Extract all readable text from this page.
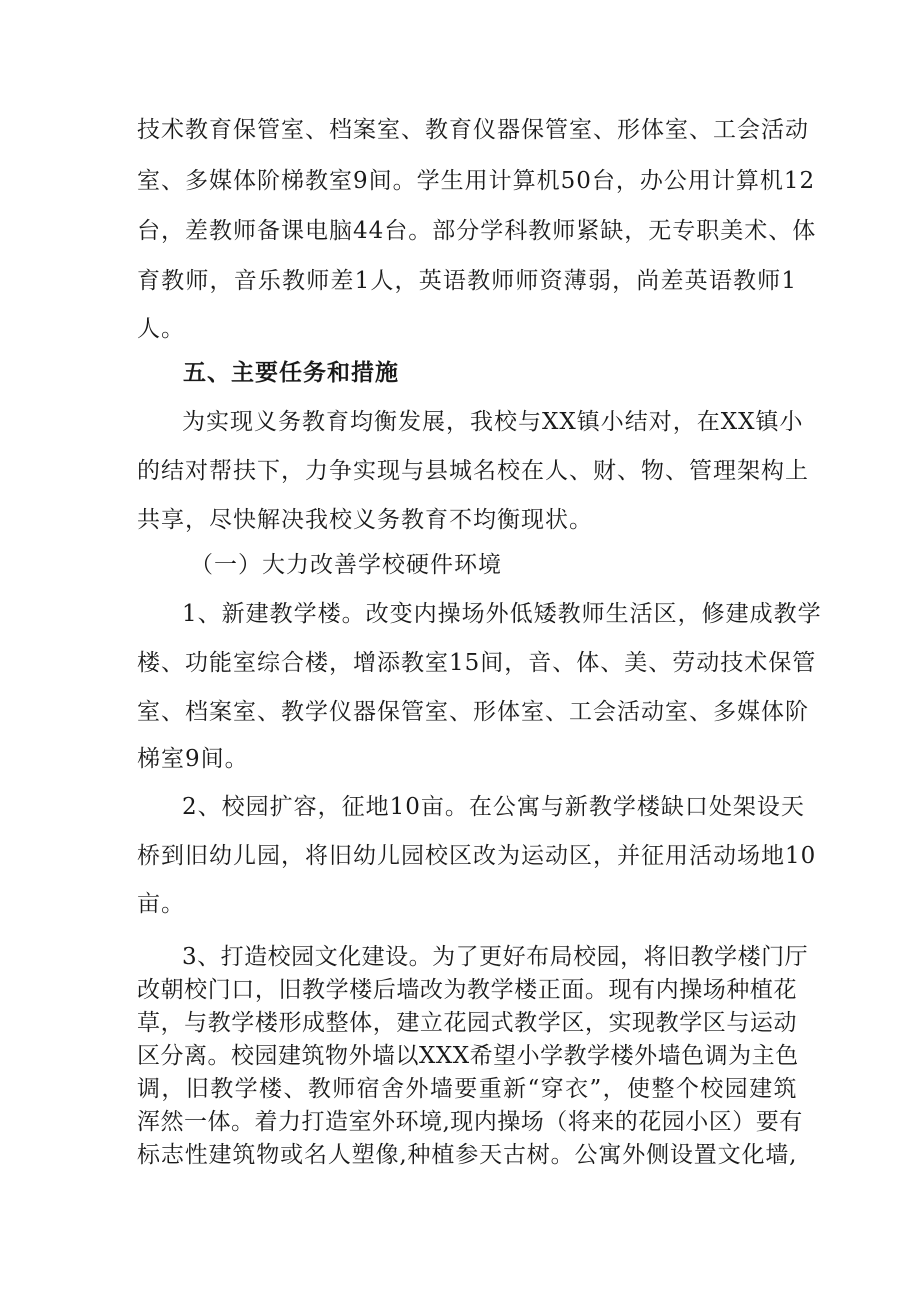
技术教育保管室、档案室、教育仪器保管室、形体室、工会活动
室、多媒体阶梯教室9间。学生用计算机50台，办公用计算机12
台，差教师备课电脑44台。部分学科教师紧缺，无专职美术、体
育教师，音乐教师差1人，英语教师师资薄弱，尚差英语教师1
人。
五、主要任务和措施
为实现义务教育均衡发展，我校与XX镇小结对，在XX镇小
的结对帮扶下，力争实现与县城名校在人、财、物、管理架构上
共享，尽快解决我校义务教育不均衡现状。
（一）大力改善学校硬件环境
1、新建教学楼。改变内操场外低矮教师生活区，修建成教学
楼、功能室综合楼，增添教室15间，音、体、美、劳动技术保管
室、档案室、教学仪器保管室、形体室、工会活动室、多媒体阶
梯室9间。
2、校园扩容，征地10亩。在公寓与新教学楼缺口处架设天
桥到旧幼儿园，将旧幼儿园校区改为运动区，并征用活动场地10
亩。
3、打造校园文化建设。为了更好布局校园，将旧教学楼门厅
改朝校门口，旧教学楼后墙改为教学楼正面。现有内操场种植花
草，与教学楼形成整体，建立花园式教学区，实现教学区与运动
区分离。校园建筑物外墙以XXX希望小学教学楼外墙色调为主色
调，旧教学楼、教师宿舍外墙要重新“穿衣”，使整个校园建筑
浑然一体。着力打造室外环境,现内操场（将来的花园小区）要有
标志性建筑物或名人塑像,种植参天古树。公寓外侧设置文化墙,
